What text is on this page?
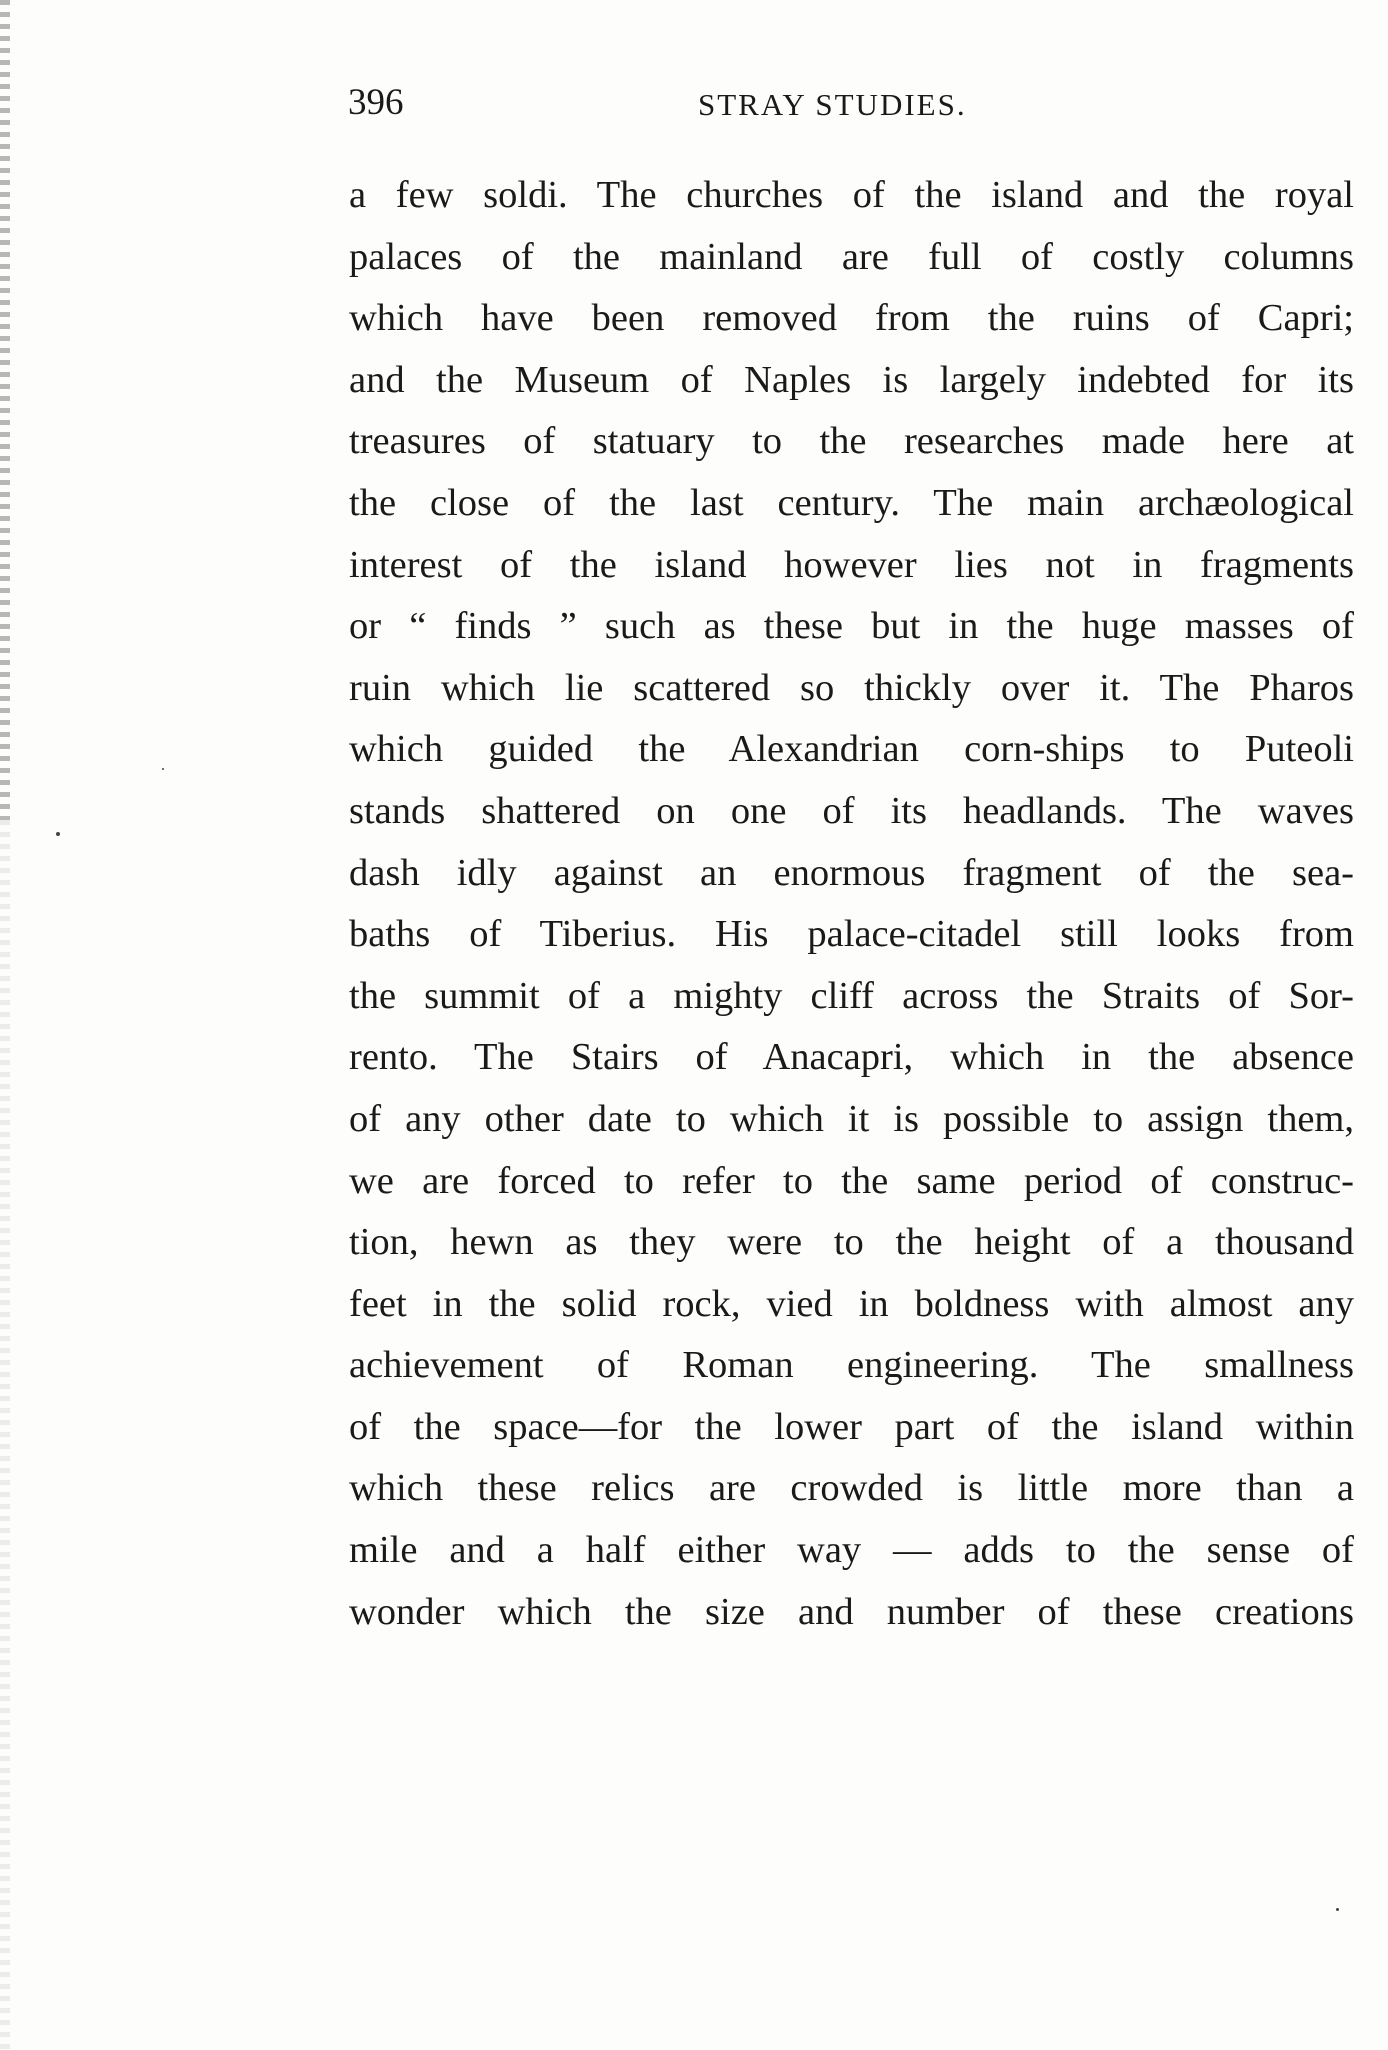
396	STRAY STUDIES.
a few soldi. The churches of the island and the royal
palaces of the mainland are full of costly columns
which have been removed from the ruins of Capri;
and the Museum of Naples is largely indebted for its
treasures of statuary to the researches made here at
the close of the last century. The main archæological
interest of the island however lies not in fragments
or “ finds ” such as these but in the huge masses of
ruin which lie scattered so thickly over it. The Pharos
which guided the Alexandrian corn-ships to Puteoli
stands shattered on one of its headlands. The waves
dash idly against an enormous fragment of the sea-
baths of Tiberius. His palace-citadel still looks from
the summit of a mighty cliff across the Straits of Sor-
rento. The Stairs of Anacapri, which in the absence
of any other date to which it is possible to assign them,
we are forced to refer to the same period of construc-
tion, hewn as they were to the height of a thousand
feet in the solid rock, vied in boldness with almost any
achievement of Roman engineering. The smallness
of the space—for the lower part of the island within
which these relics are crowded is little more than a
mile and a half either way — adds to the sense of
wonder which the size and number of these creations
